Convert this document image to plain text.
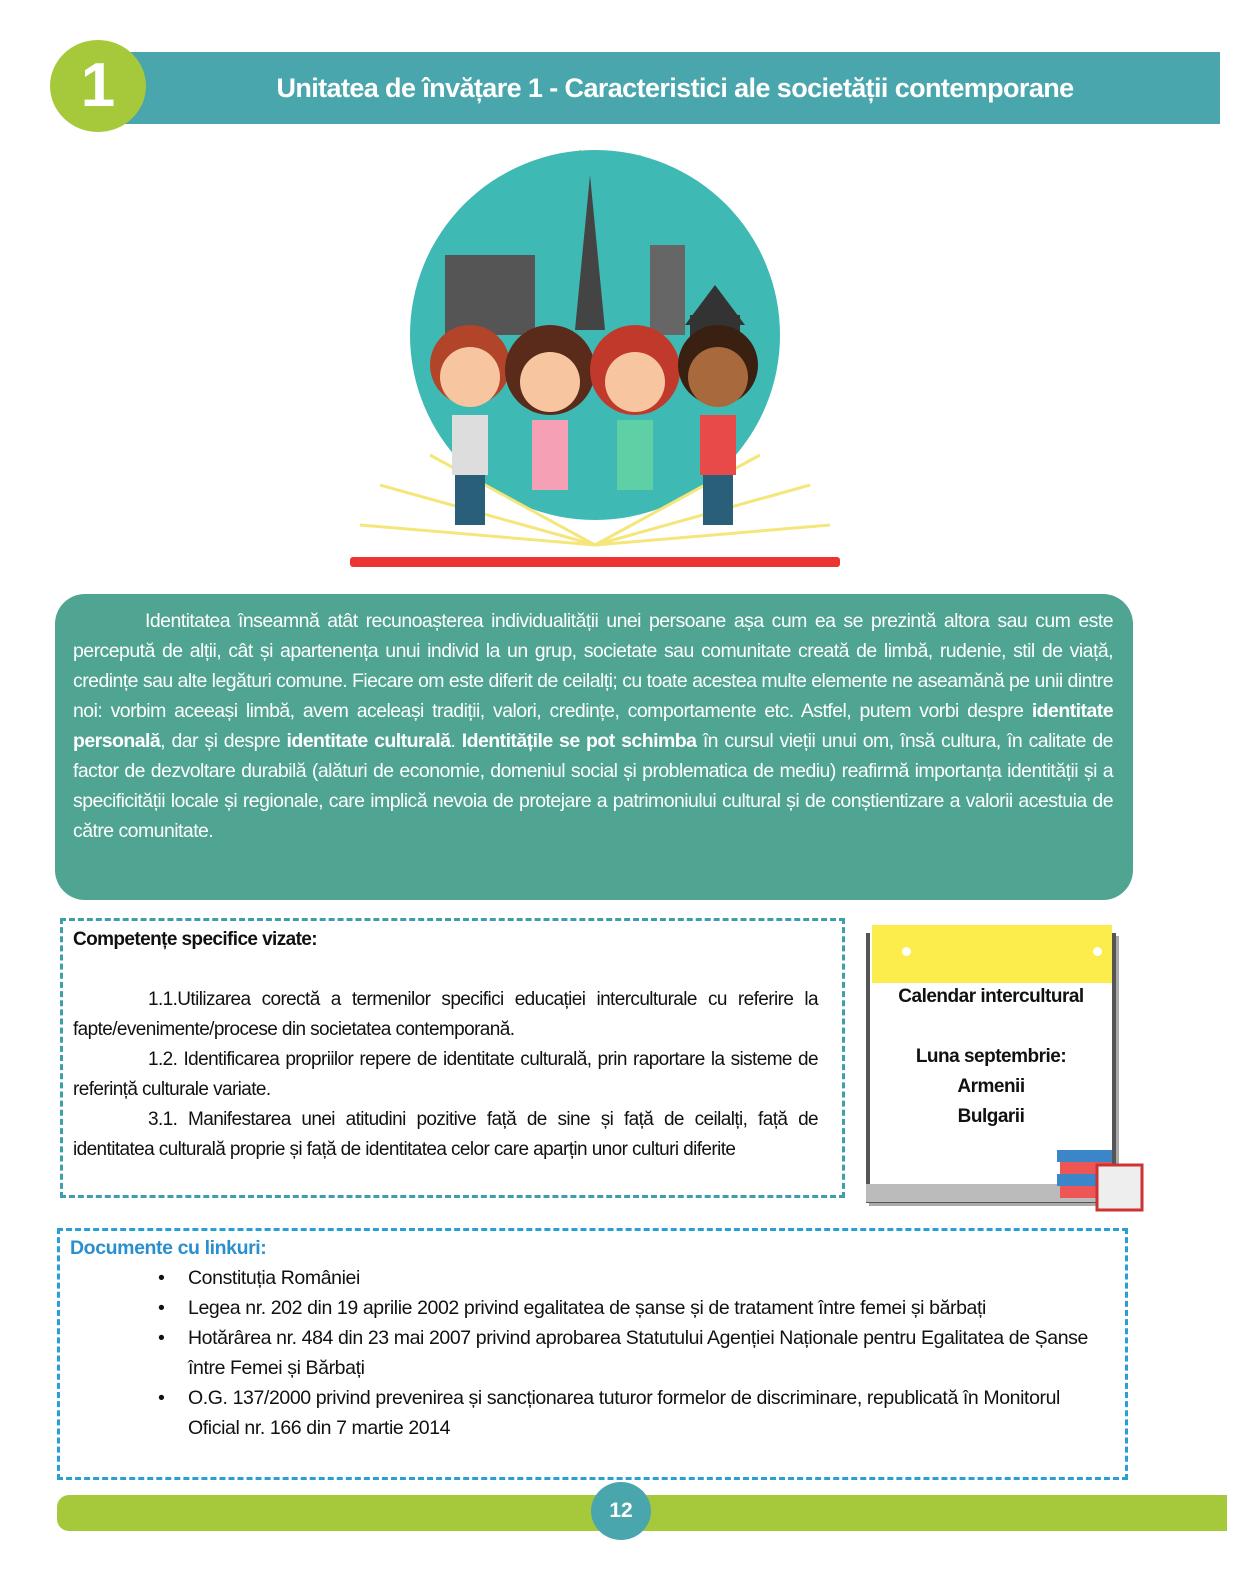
1	Unitatea de învățare 1 - Caracteristici ale societății contemporane
Identitatea înseamnă atât recunoașterea individualității unei persoane așa cum ea se prezintă altora sau cum este percepută de alții, cât și apartenența unui individ la un grup, societate sau comunitate creată de limbă, rudenie, stil de viață, credințe sau alte legături comune. Fiecare om este diferit de ceilalți; cu toate acestea multe elemente ne aseamănă pe unii dintre noi: vorbim aceeași limbă, avem aceleași tradiții, valori, credințe, comportamente etc. Astfel, putem vorbi despre identitate personală, dar și despre identitate culturală. Identitățile se pot schimba în cursul vieții unui om, însă cultura, în calitate de factor de dezvoltare durabilă (alături de economie, domeniul social și problematica de mediu) reafirmă importanța identității și a specificității locale și regionale, care implică nevoia de protejare a patrimoniului cultural și de conștientizare a valorii acestuia de către comunitate.
Competențe specifice vizate:

1.1.Utilizarea corectă a termenilor specifici educației interculturale cu referire la fapte/evenimente/procese din societatea contemporană.

1.2. Identificarea propriilor repere de identitate culturală, prin raportare la sisteme de referință culturale variate.

3.1. Manifestarea unei atitudini pozitive față de sine și față de ceilalți, față de identitatea culturală proprie și față de identitatea celor care aparțin unor culturi diferite

Calendar intercultural
Luna septembrie:
Armenii
Bulgarii
Documente cu linkuri:
• Constituția României
• Legea nr. 202 din 19 aprilie 2002 privind egalitatea de șanse și de tratament între femei și bărbați
• Hotărârea nr. 484 din 23 mai 2007 privind aprobarea Statutului Agenției Naționale pentru Egalitatea de Șanse între Femei și Bărbați
• O.G. 137/2000 privind prevenirea și sancționarea tuturor formelor de discriminare, republicată în Monitorul Oficial nr. 166 din 7 martie 2014
12
